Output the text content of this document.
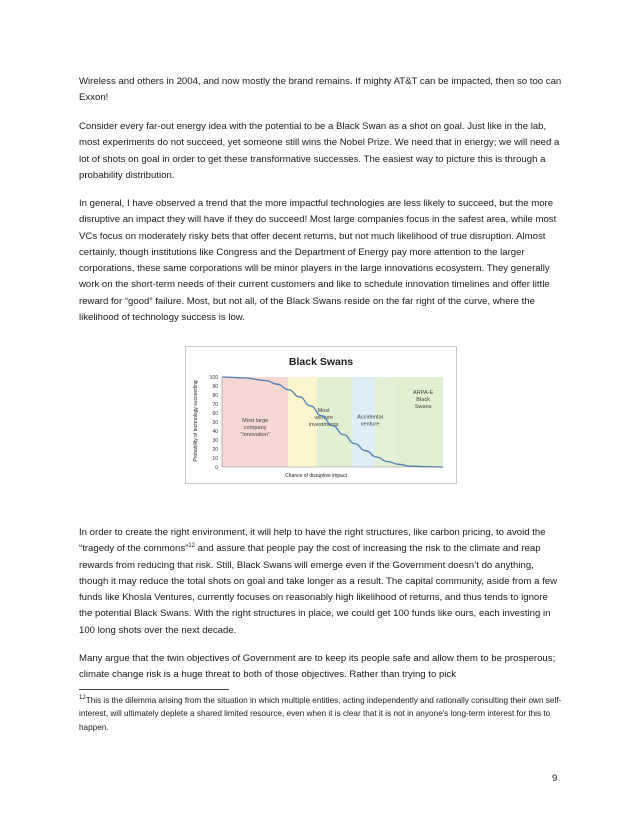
Wireless and others in 2004, and now mostly the brand remains. If mighty AT&T can be impacted, then so too can Exxon!

Consider every far-out energy idea with the potential to be a Black Swan as a shot on goal. Just like in the lab, most experiments do not succeed, yet someone still wins the Nobel Prize. We need that in energy; we will need a lot of shots on goal in order to get these transformative successes. The easiest way to picture this is through a probability distribution.

In general, I have observed a trend that the more impactful technologies are less likely to succeed, but the more disruptive an impact they will have if they do succeed! Most large companies focus in the safest area, while most VCs focus on moderately risky bets that offer decent returns, but not much likelihood of true disruption. Almost certainly, though institutions like Congress and the Department of Energy pay more attention to the larger corporations, these same corporations will be minor players in the large innovations ecosystem. They generally work on the short-term needs of their current customers and like to schedule innovation timelines and offer little reward for “good” failure. Most, but not all, of the Black Swans reside on the far right of the curve, where the likelihood of technology success is low.

Most large company “innovation”
Most venture investments
Accidental venture
ARPA-E Black Swans
0
10
20
30
40
50
60
70
80
90
100
Black Swans
Chance of disruptive impact
Probability of technology succeeding

In order to create the right environment, it will help to have the right structures, like carbon pricing, to avoid the “tragedy of the commons”$^{12}$ and assure that people pay the cost of increasing the risk to the climate and reap rewards from reducing that risk. Still, Black Swans will emerge even if the Government doesn’t do anything, though it may reduce the total shots on goal and take longer as a result. The capital community, aside from a few funds like Khosla Ventures, currently focuses on reasonably high likelihood of returns, and thus tends to ignore the potential Black Swans. With the right structures in place, we could get 100 funds like ours, each investing in 100 long shots over the next decade.

Many argue that the twin objectives of Government are to keep its people safe and allow them to be prosperous; climate change risk is a huge threat to both of those objectives. Rather than trying to pick

$^{12}$This is the dilemma arising from the situation in which multiple entities, acting independently and rationally consulting their own self-interest, will ultimately deplete a shared limited resource, even when it is clear that it is not in anyone's long-term interest for this to happen.

9
